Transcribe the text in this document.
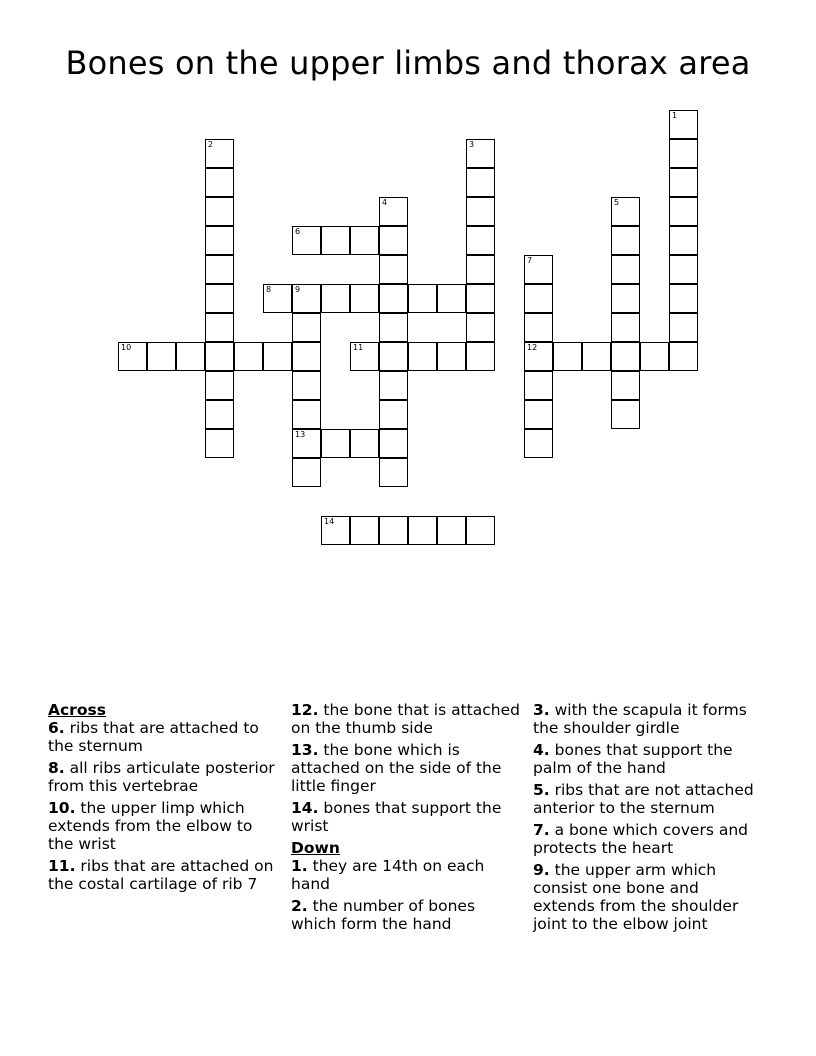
Bones on the upper limbs and thorax area
1
2	3
4	5
6
7
12
8	9
13
10	11
14

Across

6. ribs that are attached to the sternum

8. all ribs articulate posterior from this vertebrae

10. the upper limp which extends from the elbow to the wrist

11. ribs that are attached on the costal cartilage of rib 7

12. the bone that is attached on the thumb side

13. the bone which is attached on the side of the little finger

14. bones that support the wrist

Down

1. they are 14th on each hand

2. the number of bones which form the hand

3. with the scapula it forms the shoulder girdle

4. bones that support the palm of the hand

5. ribs that are not attached anterior to the sternum

7. a bone which covers and protects the heart

9. the upper arm which consist one bone and extends from the shoulder joint to the elbow joint
